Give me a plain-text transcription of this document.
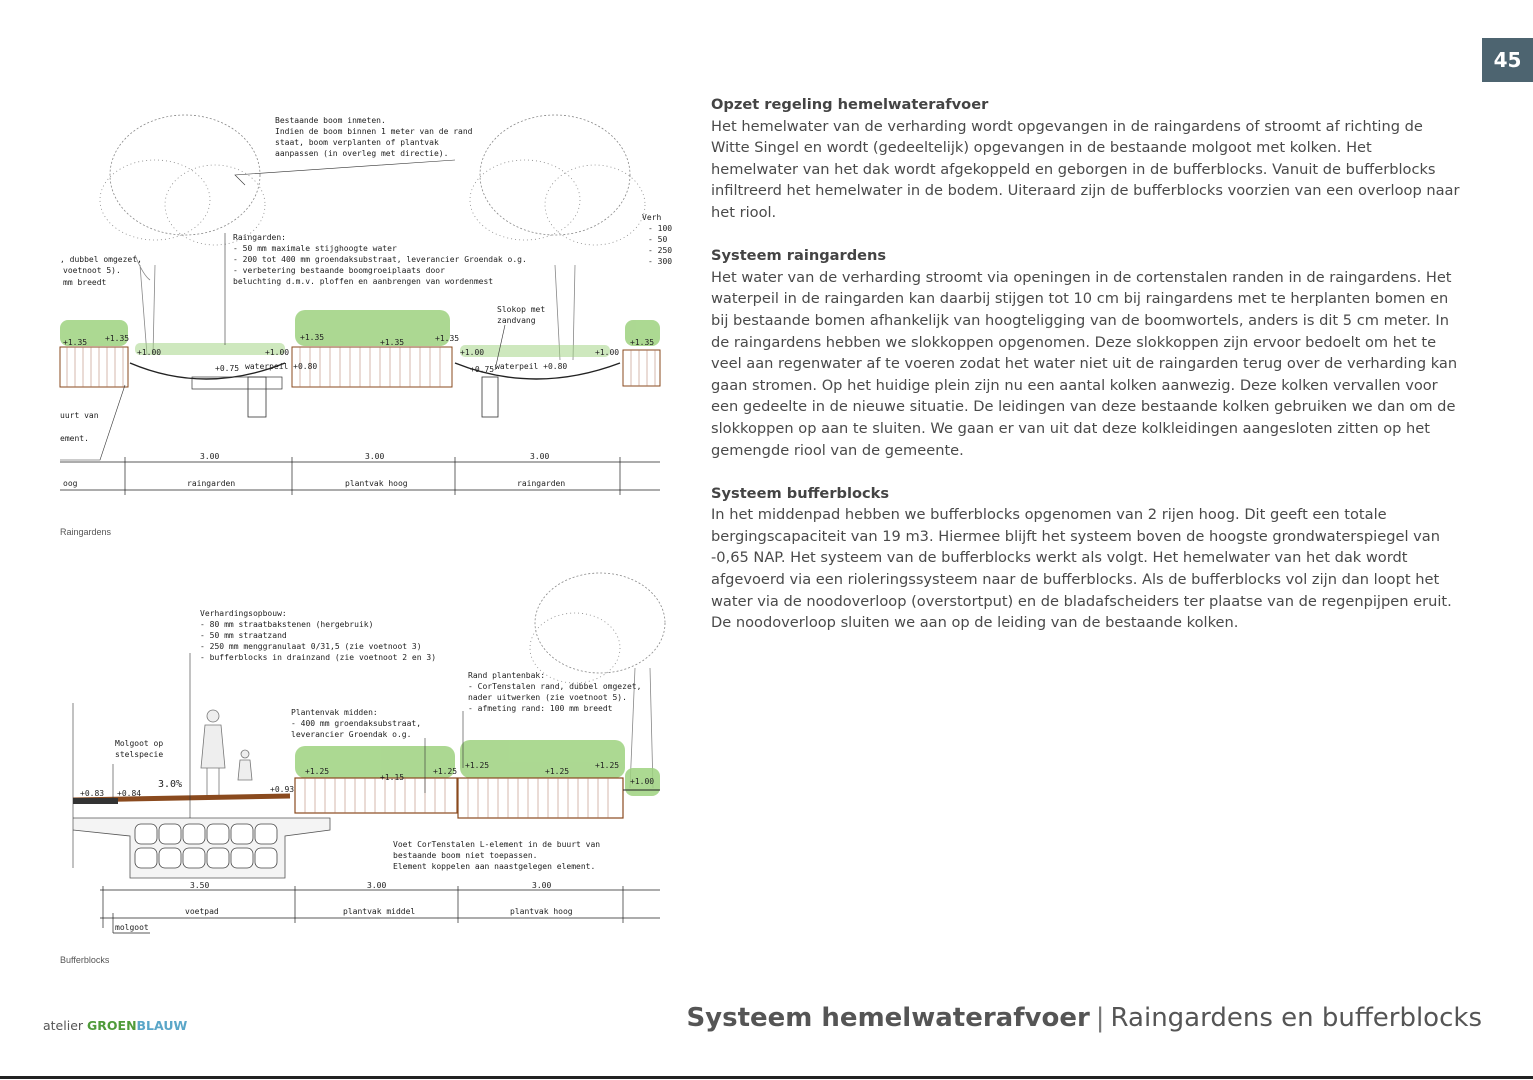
45
Bestaande boom inmeten.
Indien de boom binnen 1 meter van de rand
staat, boom verplanten of plantvak
aanpassen (in overleg met directie).
Raingarden:
- 50 mm maximale stijghoogte water
- 200 tot 400 mm groendaksubstraat, leverancier Groendak o.g.
- verbetering bestaande boomgroeiplaats door
beluchting d.m.v. ploffen en aanbrengen van wordenmest
, dubbel omgezet,
voetnoot 5).
mm breedt
Verh
- 100
- 50
- 250
- 300
Slokop met
zandvang
uurt van
ement.
+1.35 +1.35	+1.35
+1.35	+1.35	+1.35
+1.00	+1.00	+1.00	+1.00
+0.75	+0.75
waterpeil +0.80	waterpeil +0.80
3.00	3.00	3.00
oog	raingarden	plantvak hoog	raingarden
Raingardens
Verhardingsopbouw:
- 80 mm straatbakstenen (hergebruik)
- 50 mm straatzand
- 250 mm menggranulaat 0/31,5 (zie voetnoot 3)
- bufferblocks in drainzand (zie voetnoot 2 en 3)
Rand plantenbak:
- CorTenstalen rand, dubbel omgezet,
nader uitwerken (zie voetnoot 5).
- afmeting rand: 100 mm breedt
Plantenvak midden:
- 400 mm groendaksubstraat,
leverancier Groendak o.g.
Molgoot op
stelspecie
Voet CorTenstalen L-element in de buurt van
bestaande boom niet toepassen.
Element koppelen aan naastgelegen element.
3.0%
+0.83 +0.84	+0.93
+1.25
+1.15
+1.25
+1.25
+1.25
+1.25
+1.00
3.50	3.00	3.00
voetpad	plantvak middel	plantvak hoog
molgoot
Bufferblocks
Opzet regeling hemelwaterafvoer

Het hemelwater van de verharding wordt opgevangen in de raingardens of stroomt af richting de Witte Singel en wordt (gedeeltelijk) opgevangen in de bestaande molgoot met kolken. Het hemelwater van het dak wordt afgekoppeld en geborgen in de bufferblocks. Vanuit de bufferblocks infiltreerd het hemelwater in de bodem. Uiteraard zijn de bufferblocks voorzien van een overloop naar het riool.

Systeem raingardens

Het water van de verharding stroomt via openingen in de cortenstalen randen in de raingardens. Het waterpeil in de raingarden kan daarbij stijgen tot 10 cm bij raingardens met te herplanten bomen en bij bestaande bomen afhankelijk van hoogteligging van de boomwortels, anders is dit 5 cm meter. In de raingardens hebben we slokkoppen opgenomen. Deze slokkoppen zijn ervoor bedoelt om het te veel aan regenwater af te voeren zodat het water niet uit de raingarden terug over de verharding kan gaan stromen. Op het huidige plein zijn nu een aantal kolken aanwezig. Deze kolken vervallen voor een gedeelte in de nieuwe situatie. De leidingen van deze bestaande kolken gebruiken we dan om de slokkoppen op aan te sluiten. We gaan er van uit dat deze kolkleidingen aangesloten zitten op het gemengde riool van de gemeente.

Systeem bufferblocks

In het middenpad hebben we bufferblocks opgenomen van 2 rijen hoog. Dit geeft een totale bergingscapaciteit van 19 m3. Hiermee blijft het systeem boven de hoogste grondwaterspiegel van -0,65 NAP. Het systeem van de bufferblocks werkt als volgt. Het hemelwater van het dak wordt afgevoerd via een rioleringssysteem naar de bufferblocks. Als de bufferblocks vol zijn dan loopt het water via de noodoverloop (overstortput) en de bladafscheiders ter plaatse van de regenpijpen eruit. De noodoverloop sluiten we aan op de leiding van de bestaande kolken.

atelier GROENBLAUW	Systeem hemelwaterafvoer | Raingardens en bufferblocks
